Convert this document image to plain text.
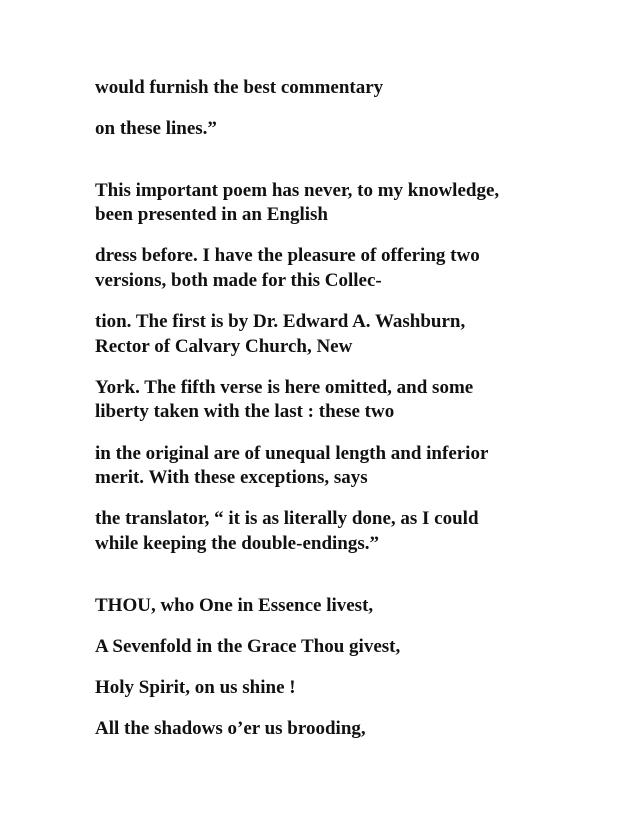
would furnish the best commentary

on these lines.”

This important poem has never, to my knowledge,

been presented in an English

dress before. I have the pleasure of offering two

versions, both made for this Collec-

tion. The first is by Dr. Edward A. Washburn,

Rector of Calvary Church, New

York. The fifth verse is here omitted, and some

liberty taken with the last : these two

in the original are of unequal length and inferior

merit. With these exceptions, says

the translator, “ it is as literally done, as I could

while keeping the double-endings.”

THOU, who One in Essence livest,

A Sevenfold in the Grace Thou givest,

Holy Spirit, on us shine !

All the shadows o’er us brooding,
